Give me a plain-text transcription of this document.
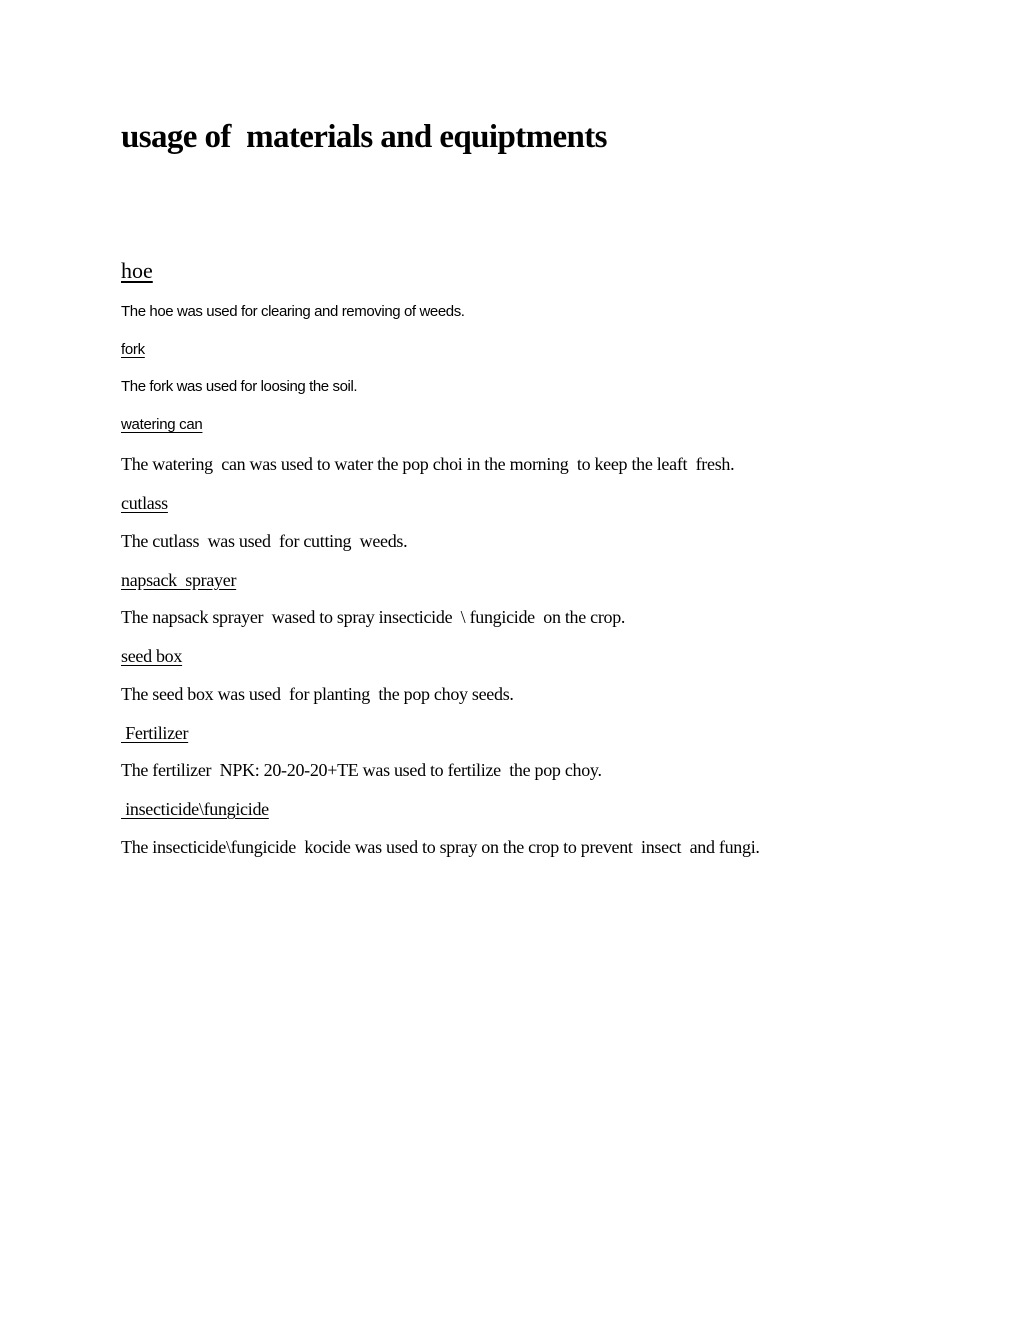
usage of  materials and equiptments

hoe

The hoe was used for clearing and removing of weeds.

fork

The fork was used for loosing the soil.

watering can

The watering  can was used to water the pop choi in the morning  to keep the leaft  fresh.

cutlass

The cutlass  was used  for cutting  weeds.

napsack  sprayer

The napsack sprayer  wased to spray insecticide  \ fungicide  on the crop.

seed box

The seed box was used  for planting  the pop choy seeds.

Fertilizer

The fertilizer  NPK: 20-20-20+TE was used to fertilize  the pop choy.

insecticide\fungicide

The insecticide\fungicide  kocide was used to spray on the crop to prevent  insect  and fungi.
